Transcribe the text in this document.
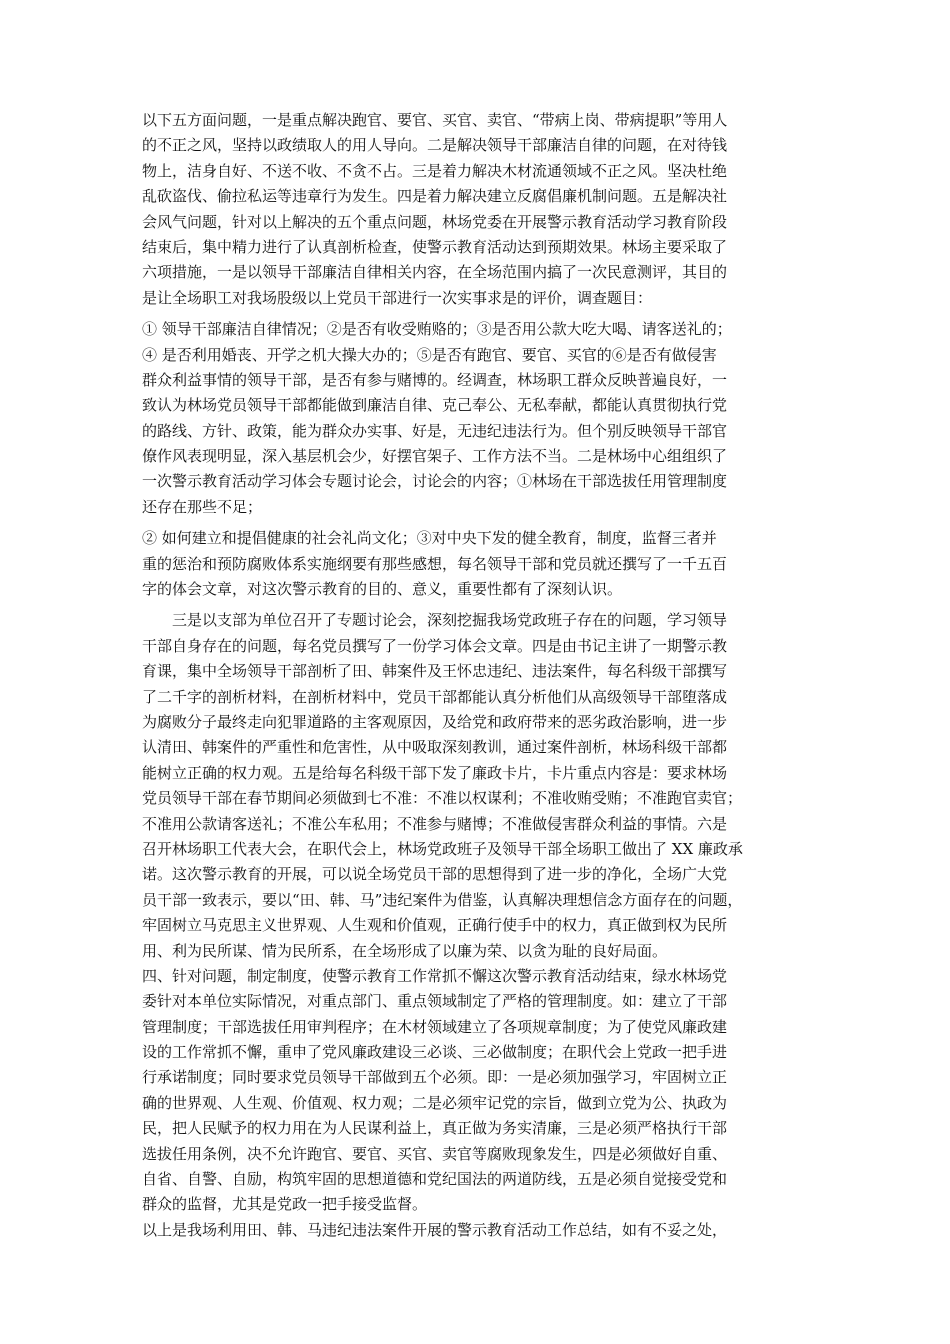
以下五方面问题，一是重点解决跑官、要官、买官、卖官、“带病上岗、带病提职”等用人
的不正之风，坚持以政绩取人的用人导向。二是解决领导干部廉洁自律的问题，在对待钱
物上，洁身自好、不送不收、不贪不占。三是着力解决木材流通领域不正之风。坚决杜绝
乱砍盗伐、偷拉私运等违章行为发生。四是着力解决建立反腐倡廉机制问题。五是解决社
会风气问题，针对以上解决的五个重点问题，林场党委在开展警示教育活动学习教育阶段
结束后，集中精力进行了认真剖析检查，使警示教育活动达到预期效果。林场主要采取了
六项措施，一是以领导干部廉洁自律相关内容，在全场范围内搞了一次民意测评，其目的
是让全场职工对我场股级以上党员干部进行一次实事求是的评价，调查题目：
① 领导干部廉洁自律情况；②是否有收受贿赂的；③是否用公款大吃大喝、请客送礼的；
④ 是否利用婚丧、开学之机大操大办的；⑤是否有跑官、要官、买官的⑥是否有做侵害
群众利益事情的领导干部，是否有参与赌博的。经调查，林场职工群众反映普遍良好，一
致认为林场党员领导干部都能做到廉洁自律、克己奉公、无私奉献，都能认真贯彻执行党
的路线、方针、政策，能为群众办实事、好是，无违纪违法行为。但个别反映领导干部官
僚作风表现明显，深入基层机会少，好摆官架子、工作方法不当。二是林场中心组组织了
一次警示教育活动学习体会专题讨论会，讨论会的内容；①林场在干部选拔任用管理制度
还存在那些不足；
② 如何建立和提倡健康的社会礼尚文化；③对中央下发的健全教育，制度，监督三者并
重的惩治和预防腐败体系实施纲要有那些感想，每名领导干部和党员就还撰写了一千五百
字的体会文章，对这次警示教育的目的、意义，重要性都有了深刻认识。
三是以支部为单位召开了专题讨论会，深刻挖掘我场党政班子存在的问题，学习领导
干部自身存在的问题，每名党员撰写了一份学习体会文章。四是由书记主讲了一期警示教
育课，集中全场领导干部剖析了田、韩案件及王怀忠违纪、违法案件，每名科级干部撰写
了二千字的剖析材料，在剖析材料中，党员干部都能认真分析他们从高级领导干部堕落成
为腐败分子最终走向犯罪道路的主客观原因，及给党和政府带来的恶劣政治影响，进一步
认清田、韩案件的严重性和危害性，从中吸取深刻教训，通过案件剖析，林场科级干部都
能树立正确的权力观。五是给每名科级干部下发了廉政卡片，卡片重点内容是：要求林场
党员领导干部在春节期间必须做到七不准：不准以权谋利；不准收贿受贿；不准跑官卖官；
不准用公款请客送礼；不准公车私用；不准参与赌博；不准做侵害群众利益的事情。六是
召开林场职工代表大会，在职代会上，林场党政班子及领导干部全场职工做出了 XX 廉政承
诺。这次警示教育的开展，可以说全场党员干部的思想得到了进一步的净化，全场广大党
员干部一致表示，要以“田、韩、马”违纪案件为借鉴，认真解决理想信念方面存在的问题，
牢固树立马克思主义世界观、人生观和价值观，正确行使手中的权力，真正做到权为民所
用、利为民所谋、情为民所系，在全场形成了以廉为荣、以贪为耻的良好局面。
四、针对问题，制定制度，使警示教育工作常抓不懈这次警示教育活动结束，绿水林场党
委针对本单位实际情况，对重点部门、重点领域制定了严格的管理制度。如：建立了干部
管理制度；干部选拔任用审判程序；在木材领域建立了各项规章制度；为了使党风廉政建
设的工作常抓不懈，重申了党风廉政建设三必谈、三必做制度；在职代会上党政一把手进
行承诺制度；同时要求党员领导干部做到五个必须。即：一是必须加强学习，牢固树立正
确的世界观、人生观、价值观、权力观；二是必须牢记党的宗旨，做到立党为公、执政为
民，把人民赋予的权力用在为人民谋利益上，真正做为务实清廉，三是必须严格执行干部
选拔任用条例，决不允许跑官、要官、买官、卖官等腐败现象发生，四是必须做好自重、
自省、自警、自励，构筑牢固的思想道德和党纪国法的两道防线，五是必须自觉接受党和
群众的监督，尤其是党政一把手接受监督。
以上是我场利用田、韩、马违纪违法案件开展的警示教育活动工作总结，如有不妥之处，
